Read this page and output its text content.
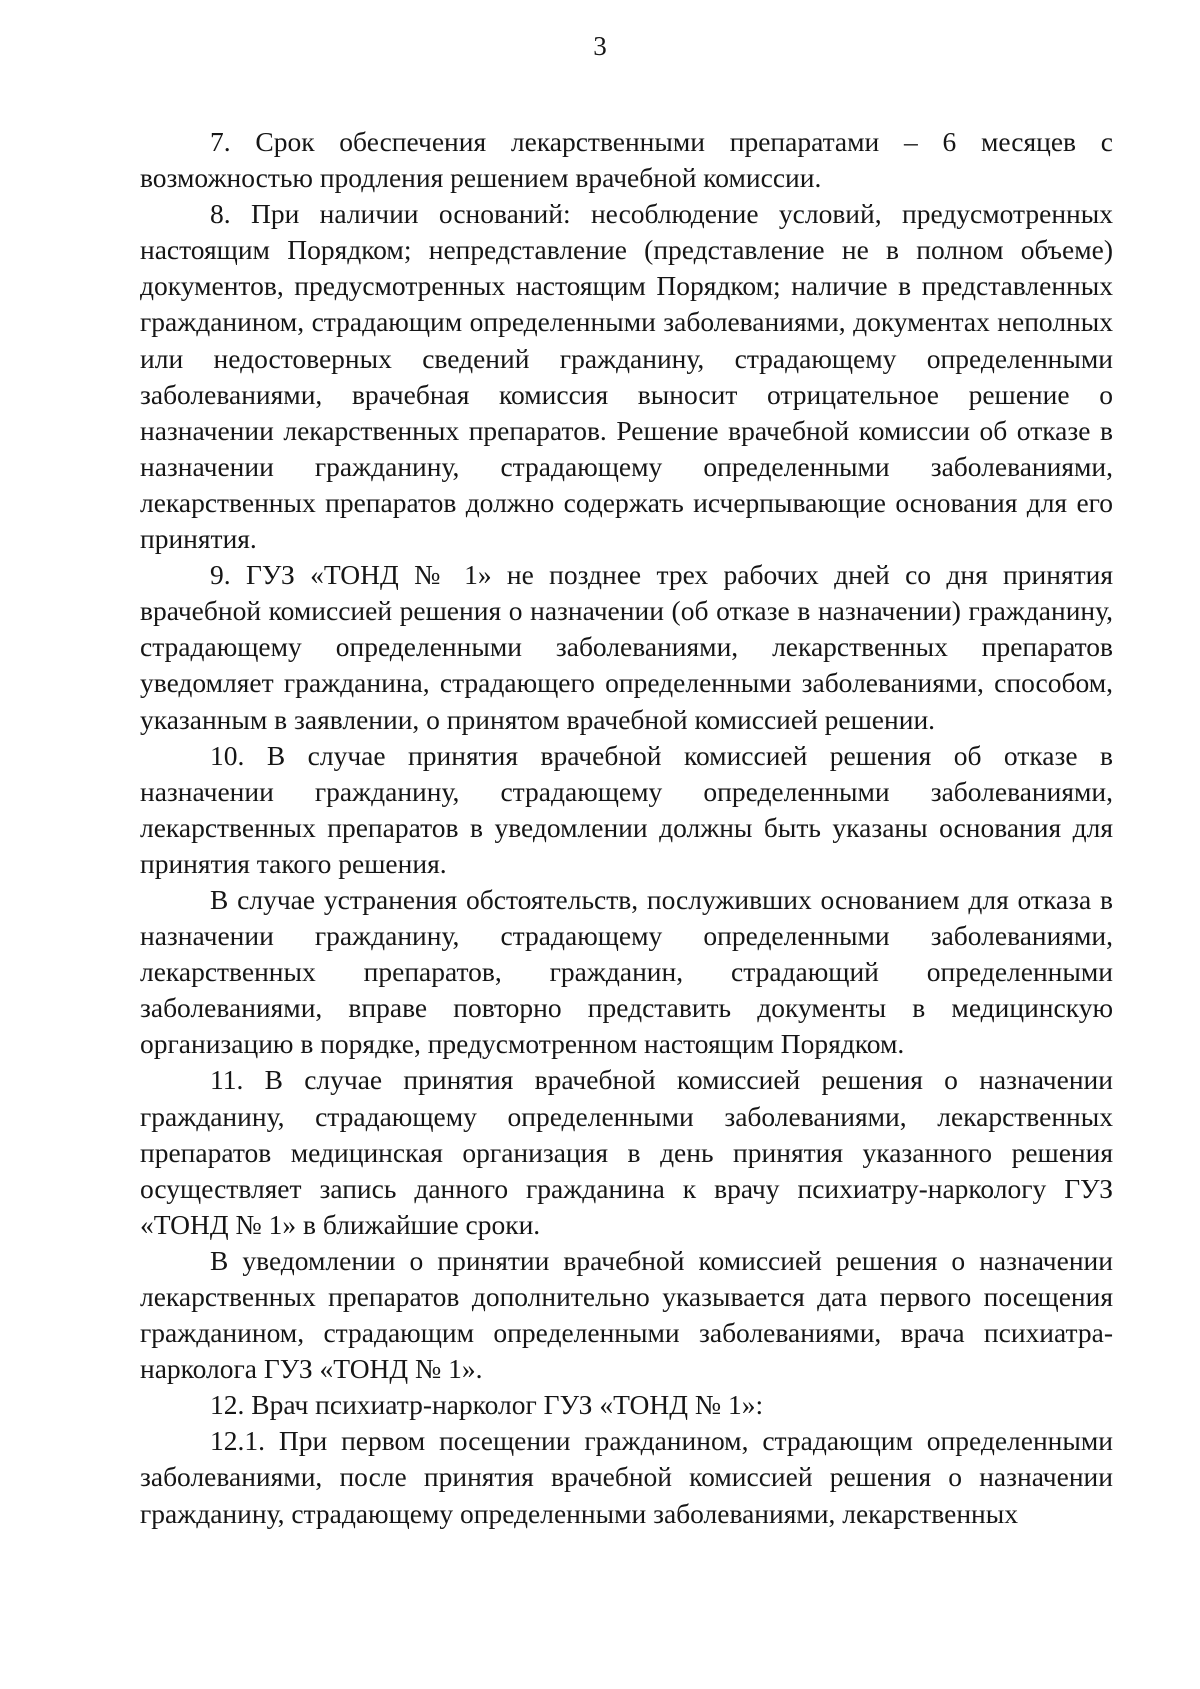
3

7. Срок обеспечения лекарственными препаратами – 6 месяцев с возможностью продления решением врачебной комиссии.

8. При наличии оснований: несоблюдение условий, предусмотренных настоящим Порядком; непредставление (представление не в полном объеме) документов, предусмотренных настоящим Порядком; наличие в представленных гражданином, страдающим определенными заболеваниями, документах неполных или недостоверных сведений гражданину, страдающему определенными заболеваниями, врачебная комиссия выносит отрицательное решение о назначении лекарственных препаратов. Решение врачебной комиссии об отказе в назначении гражданину, страдающему определенными заболеваниями, лекарственных препаратов должно содержать исчерпывающие основания для его принятия.

9. ГУЗ «ТОНД № 1» не позднее трех рабочих дней со дня принятия врачебной комиссией решения о назначении (об отказе в назначении) гражданину, страдающему определенными заболеваниями, лекарственных препаратов уведомляет гражданина, страдающего определенными заболеваниями, способом, указанным в заявлении, о принятом врачебной комиссией решении.

10. В случае принятия врачебной комиссией решения об отказе в назначении гражданину, страдающему определенными заболеваниями, лекарственных препаратов в уведомлении должны быть указаны основания для принятия такого решения.

В случае устранения обстоятельств, послуживших основанием для отказа в назначении гражданину, страдающему определенными заболеваниями, лекарственных препаратов, гражданин, страдающий определенными заболеваниями, вправе повторно представить документы в медицинскую организацию в порядке, предусмотренном настоящим Порядком.

11. В случае принятия врачебной комиссией решения о назначении гражданину, страдающему определенными заболеваниями, лекарственных препаратов медицинская организация в день принятия указанного решения осуществляет запись данного гражданина к врачу психиатру-наркологу ГУЗ «ТОНД № 1» в ближайшие сроки.

В уведомлении о принятии врачебной комиссией решения о назначении лекарственных препаратов дополнительно указывается дата первого посещения гражданином, страдающим определенными заболеваниями, врача психиатра-нарколога ГУЗ «ТОНД № 1».

12. Врач психиатр-нарколог ГУЗ «ТОНД № 1»:

12.1. При первом посещении гражданином, страдающим определенными заболеваниями, после принятия врачебной комиссией решения о назначении гражданину, страдающему определенными заболеваниями, лекарственных
